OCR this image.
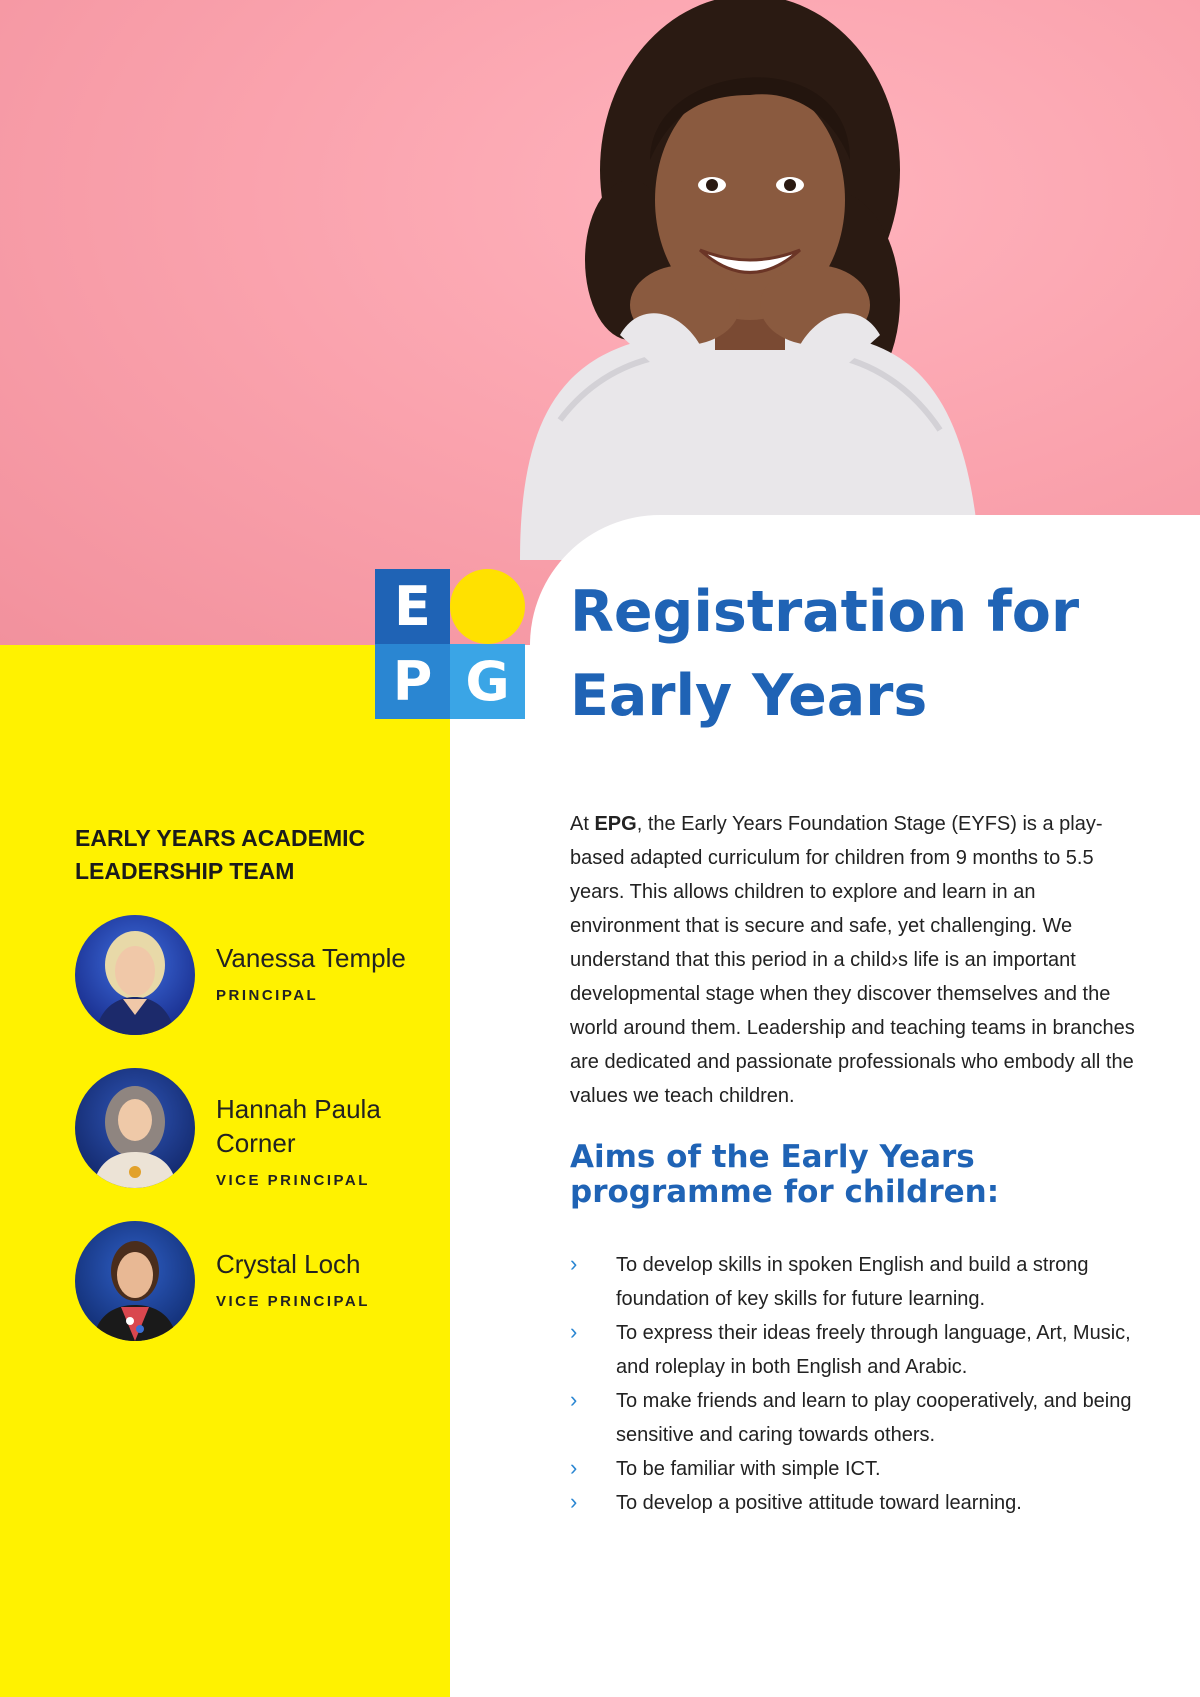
E
P G
Registration for
Early Years

At EPG, the Early Years Foundation Stage (EYFS) is a play-based adapted curriculum for children from 9 months to 5.5 years. This allows children to explore and learn in an environment that is secure and safe, yet challenging. We understand that this period in a child›s life is an important developmental stage when they discover themselves and the world around them. Leadership and teaching teams in branches are dedicated and passionate professionals who embody all the values we teach children.

Aims of the Early Years programme for children:
› To develop skills in spoken English and build a strong foundation of key skills for future learning.
› To express their ideas freely through language, Art, Music, and roleplay in both English and Arabic.
› To make friends and learn to play cooperatively, and being sensitive and caring towards others.
› To be familiar with simple ICT.
› To develop a positive attitude toward learning.
EARLY YEARS ACADEMIC LEADERSHIP TEAM

Vanessa Temple

PRINCIPAL

Hannah Paula Corner

VICE PRINCIPAL

Crystal Loch

VICE PRINCIPAL
